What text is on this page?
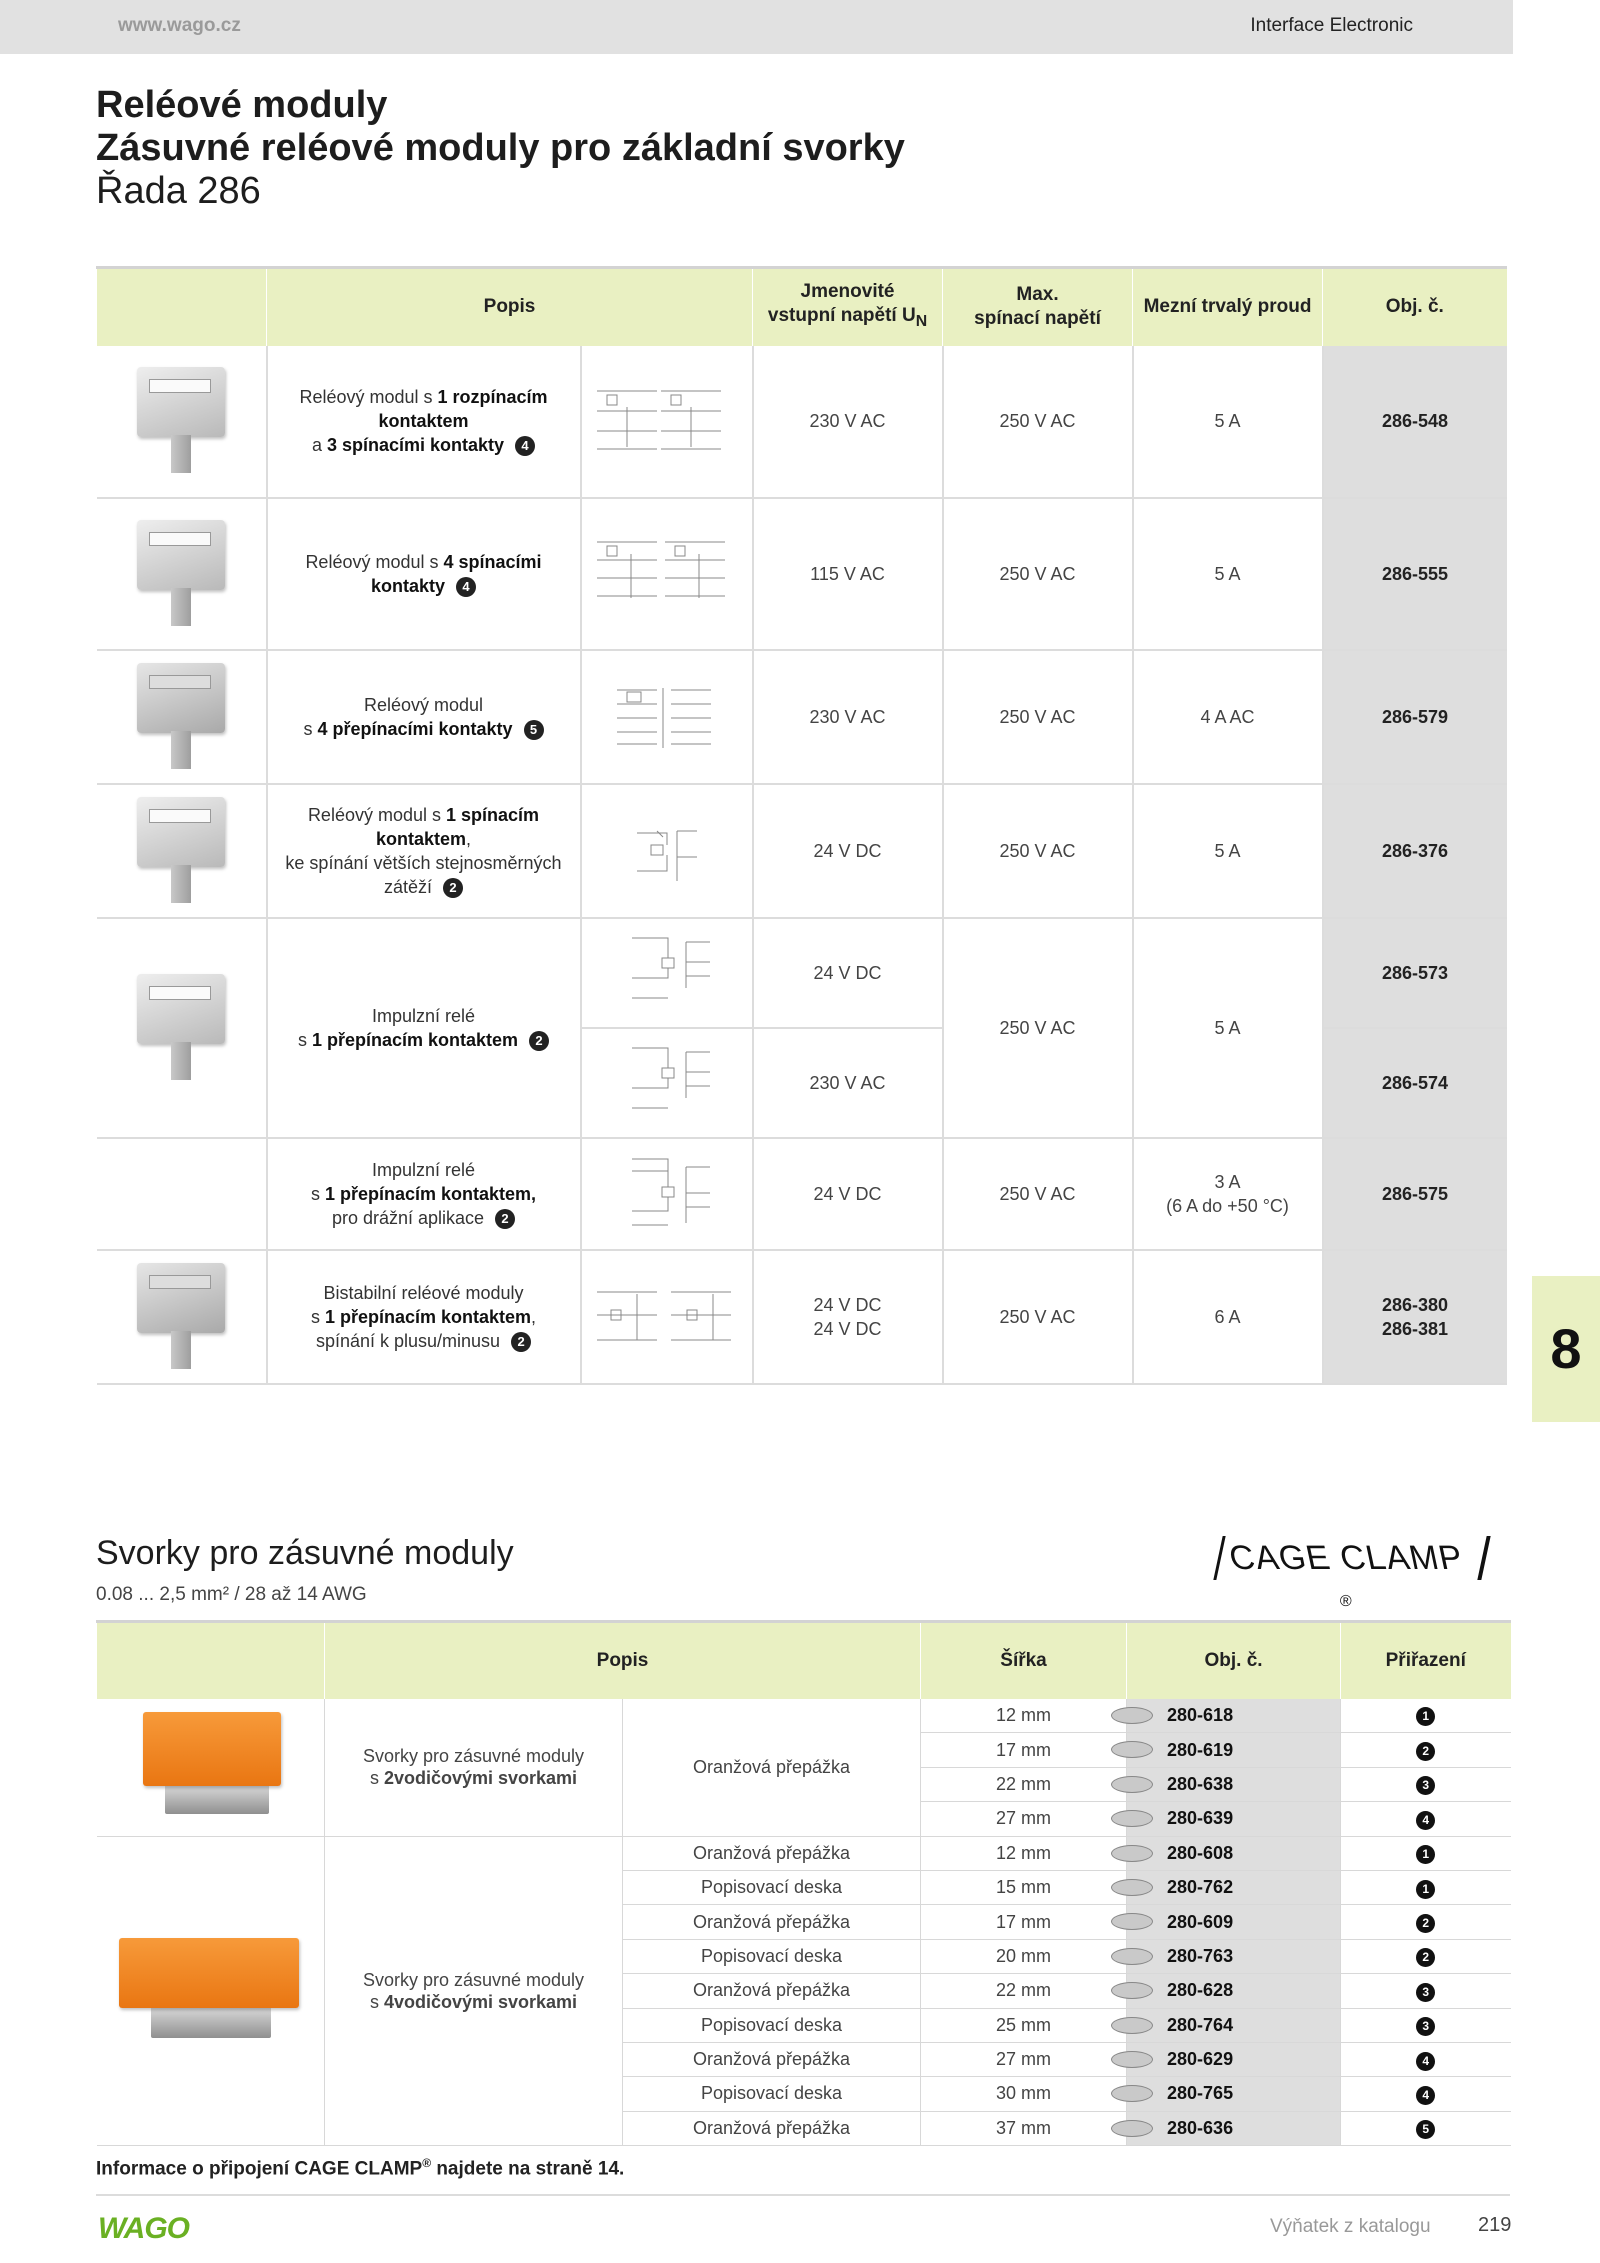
www.wago.cz	Interface Electronic
Reléové moduly
Zásuvné reléové moduly pro základní svorky
Řada 286
	Popis		Jmenovité
vstupní napětí $U_N$	Max.
spínací napětí	Mezní trvalý proud	Obj. č.

	Reléový modul s 1 rozpínacím
kontaktem
a 3 spínacími kontakty 4		230 V AC	250 V AC	5 A	286-548

	Reléový modul s 4 spínacími
kontakty 4		115 V AC	250 V AC	5 A	286-555

	Reléový modul
s 4 přepínacími kontakty 5		230 V AC	250 V AC	4 A AC	286-579

	Reléový modul s 1 spínacím
kontaktem,
ke spínání větších stejnosměrných
zátěží 2		24 V DC	250 V AC	5 A	286-376

	Impulzní relé
s 1 přepínacím kontaktem 2		24 V DC	250 V AC	5 A	286-573
	230 V AC			286-574
	Impulzní relé
s 1 přepínacím kontaktem,
pro drážní aplikace 2		24 V DC	250 V AC	3 A
(6 A do +50 °C)	286-575

	Bistabilní reléové moduly
s 1 přepínacím kontaktem,
spínání k plusu/minusu 2		24 V DC
24 V DC	250 V AC	6 A	286-380
286-381	8
Svorky pro zásuvné moduly
0.08 ... 2,5 mm² / 28 až 14 AWG
CAGE CLAMP
®
	Popis		Šířka	Obj. č.	Přiřazení

	Svorky pro zásuvné moduly
s 2vodičovými svorkami	Oranžová přepážka	12 mm	280-618	1
			17 mm	280-619	2
			22 mm	280-638	3
			27 mm	280-639	4

	Svorky pro zásuvné moduly
s 4vodičovými svorkami	Oranžová přepážka	12 mm	280-608	1
		Popisovací deska	15 mm	280-762	1
		Oranžová přepážka	17 mm	280-609	2
		Popisovací deska	20 mm	280-763	2
		Oranžová přepážka	22 mm	280-628	3
		Popisovací deska	25 mm	280-764	3
		Oranžová přepážka	27 mm	280-629	4
		Popisovací deska	30 mm	280-765	4
		Oranžová přepážka	37 mm	280-636	5
Informace o připojení CAGE CLAMP® najdete na straně 14.
WAGO	Výňatek z katalogu 219
